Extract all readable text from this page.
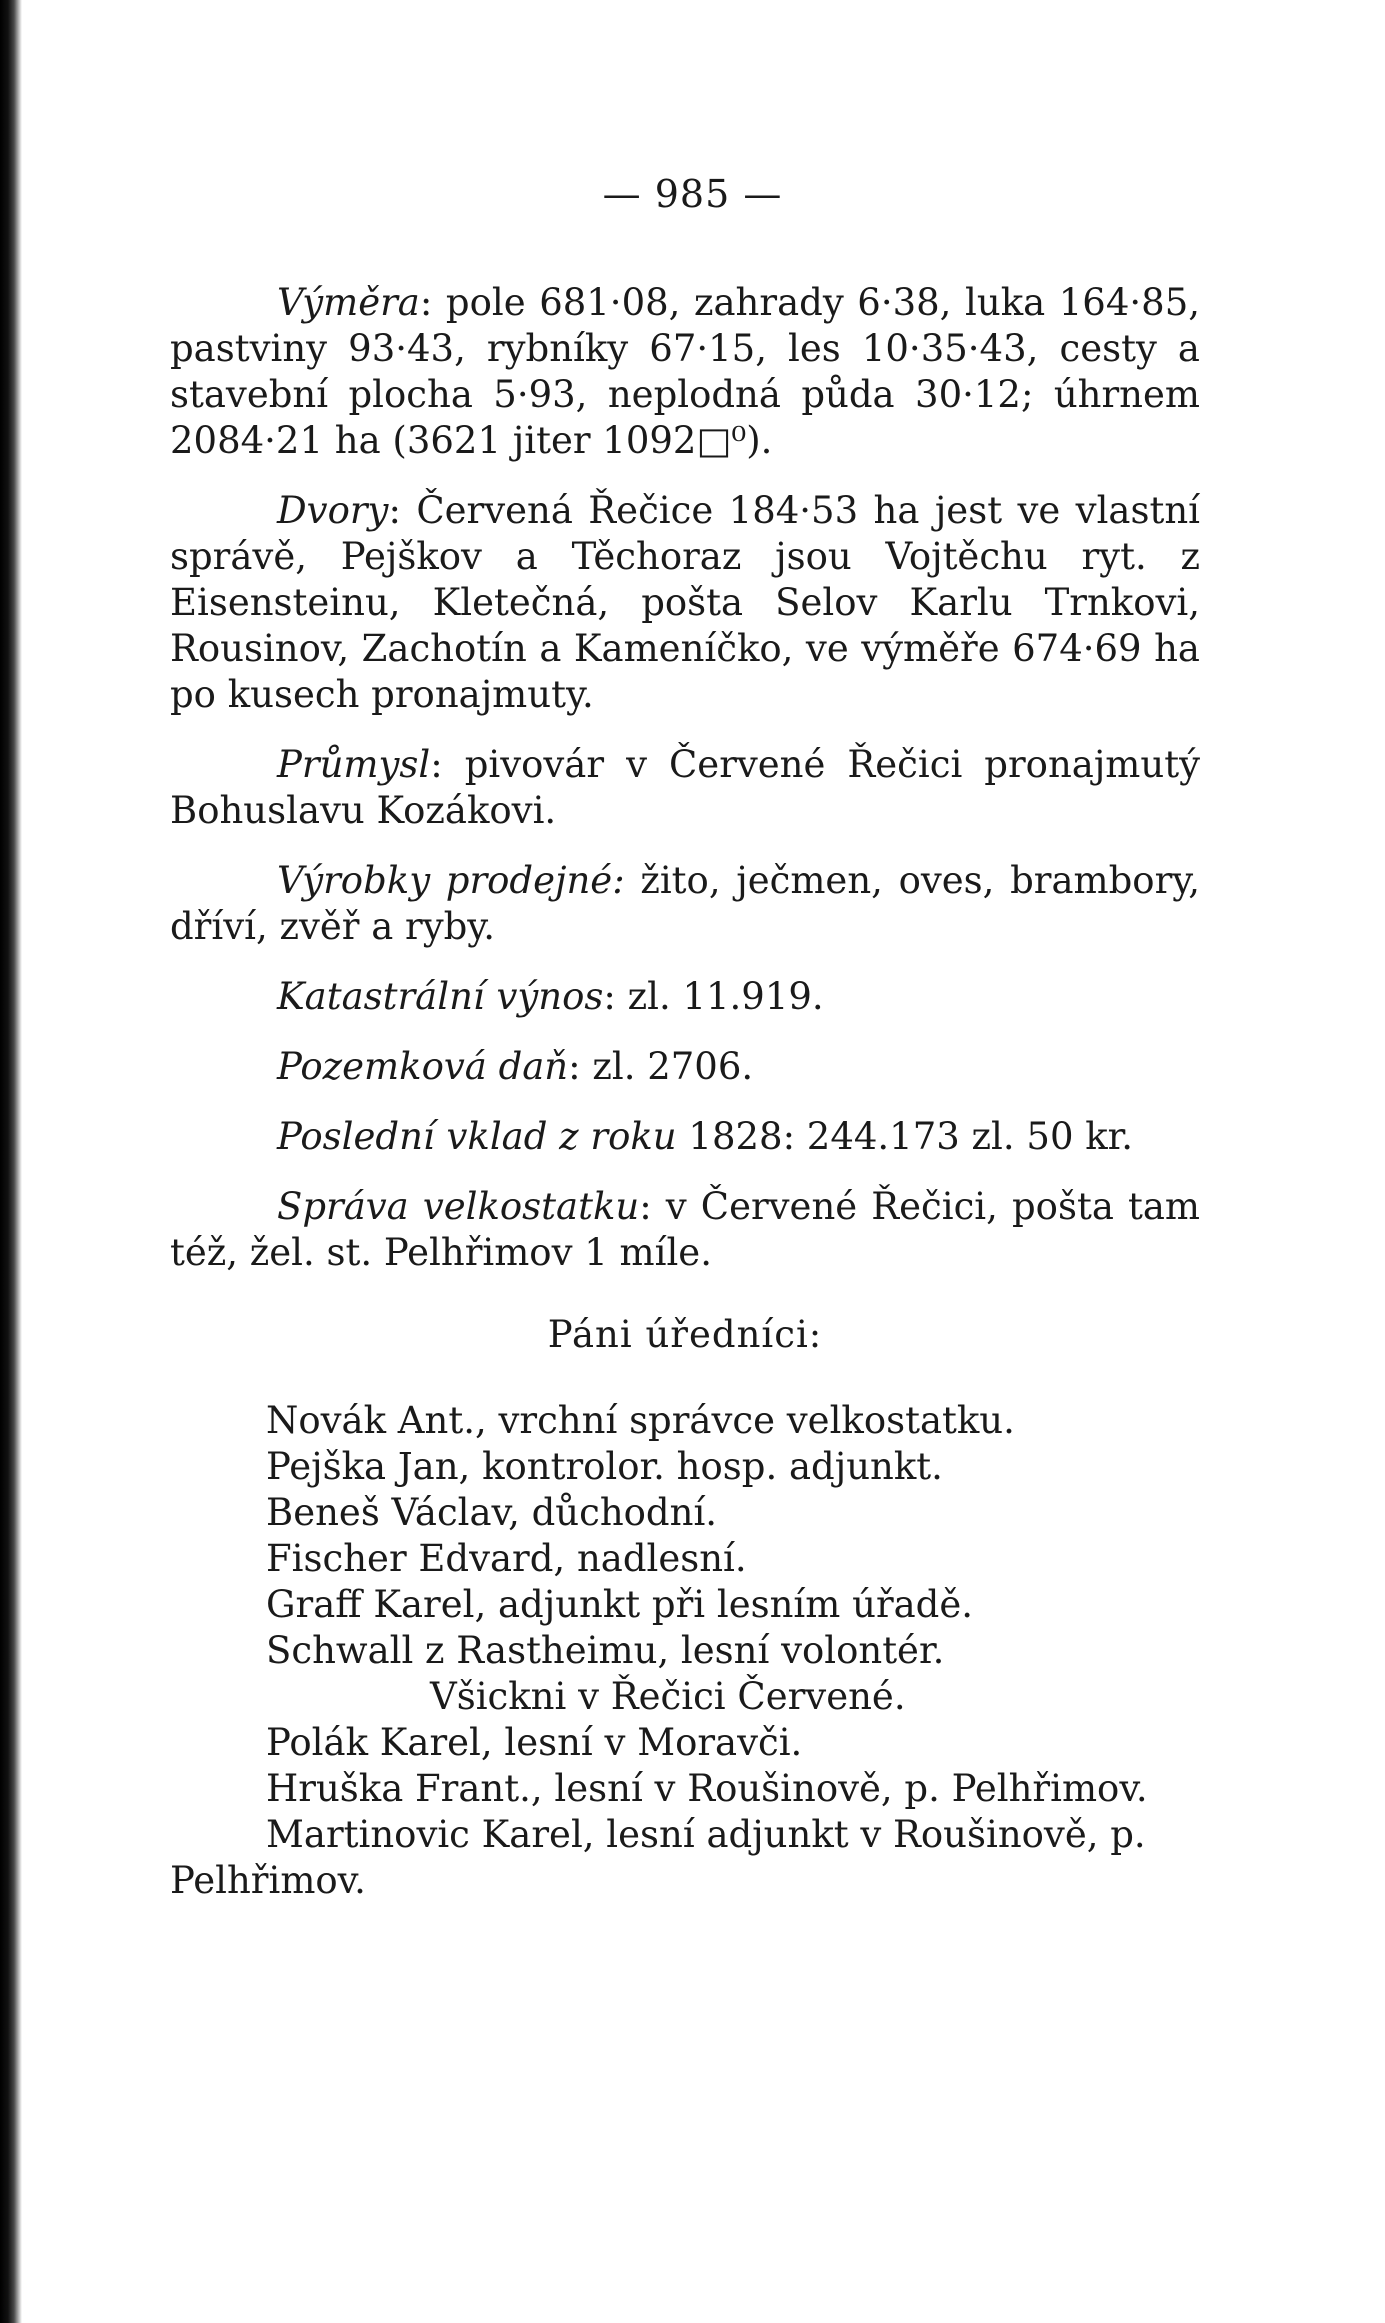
— 985 —

Výměra: pole 681·08, zahrady 6·38, luka 164·85, pastviny 93·43, rybníky 67·15, les 10·35·43, cesty a stavební plocha 5·93, neplodná půda 30·12; úhrnem 2084·21 ha (3621 jiter 1092□⁰).

Dvory: Červená Řečice 184·53 ha jest ve vlastní správě, Pejškov a Těchoraz jsou Vojtěchu ryt. z Eisensteinu, Kletečná, pošta Selov Karlu Trnkovi, Rousinov, Zachotín a Kameníčko, ve výměře 674·69 ha po kusech pronajmuty.

Průmysl: pivovár v Červené Řečici pronajmutý Bohuslavu Kozákovi.

Výrobky prodejné: žito, ječmen, oves, brambory, dříví, zvěř a ryby.

Katastrální výnos: zl. 11.919.

Pozemková daň: zl. 2706.

Poslední vklad z roku 1828: 244.173 zl. 50 kr.

Správa velkostatku: v Červené Řečici, pošta tam též, žel. st. Pelhřimov 1 míle.

Páni úředníci:
Novák Ant., vrchní správce velkostatku.
Pejška Jan, kontrolor. hosp. adjunkt.
Beneš Václav, důchodní.
Fischer Edvard, nadlesní.
Graff Karel, adjunkt při lesním úřadě.
Schwall z Rastheimu, lesní volontér.
Všickni v Řečici Červené.
Polák Karel, lesní v Moravči.
Hruška Frant., lesní v Roušinově, p. Pelhřimov.
Martinovic Karel, lesní adjunkt v Roušinově, p. Pelhřimov.
